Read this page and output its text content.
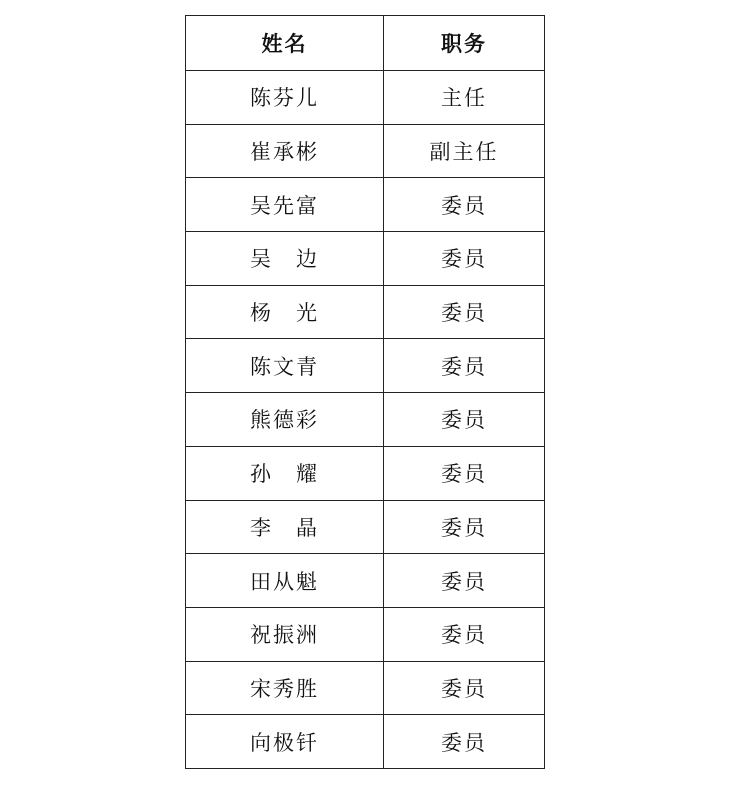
姓名	职务
陈芬儿	主任
崔承彬	副主任
吴先富	委员
吴　边	委员
杨　光	委员
陈文青	委员
熊德彩	委员
孙　耀	委员
李　晶	委员
田从魁	委员
祝振洲	委员
宋秀胜	委员
向极钎	委员
